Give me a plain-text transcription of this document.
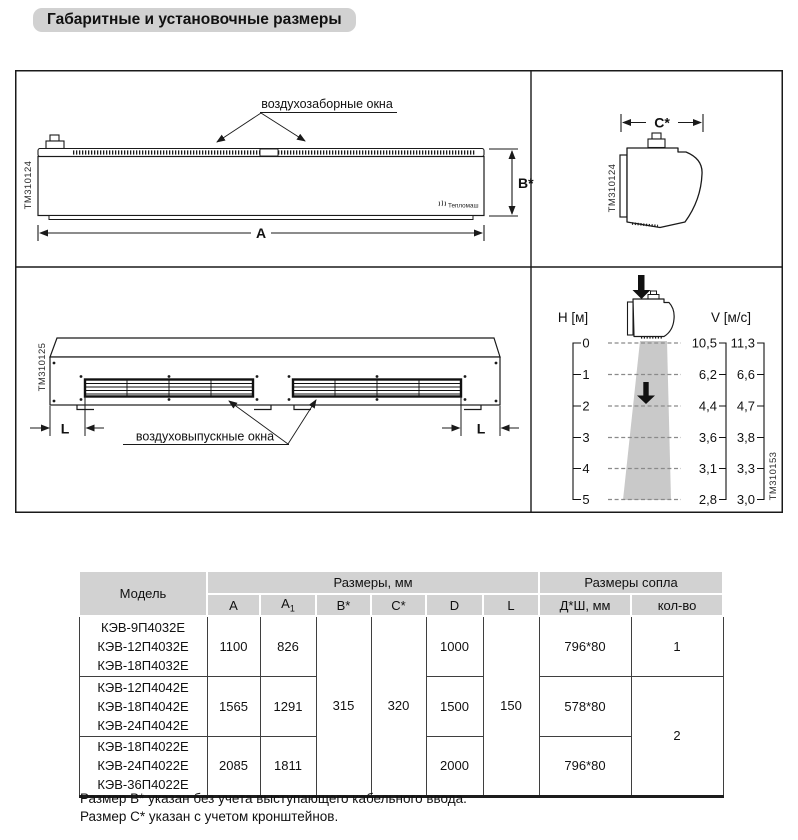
Габаритные и установочные размеры
воздухозаборные окна
Тепломаш
B*
A
ТМ310124
C*
ТМ310124
ТМ310125
L	L
воздуховыпускные окна
H [м]	V [м/с]
0
1
2
3
4
5
10,5
6,2
4,4
3,6
3,1
2,8
11,3
6,6
4,7
3,8
3,3
3,0 ТМ310153
Модель	Размеры, мм						Размеры сопла	
	A	$A_1$	B*	C*	D	L	Д*Ш, мм	кол-во

КЭВ-9П4032Е
КЭВ-12П4032Е
КЭВ-18П4032Е	1100	826	315	320	1000	150	796*80	1

КЭВ-12П4042Е
КЭВ-18П4042Е
КЭВ-24П4042Е	1565	1291			1500		578*80	2

КЭВ-18П4022Е
КЭВ-24П4022Е
КЭВ-36П4022Е	2085	1811			2000		796*80	
Размер B* указан без учета выступающего кабельного ввода.
Размер C* указан с учетом кронштейнов.
